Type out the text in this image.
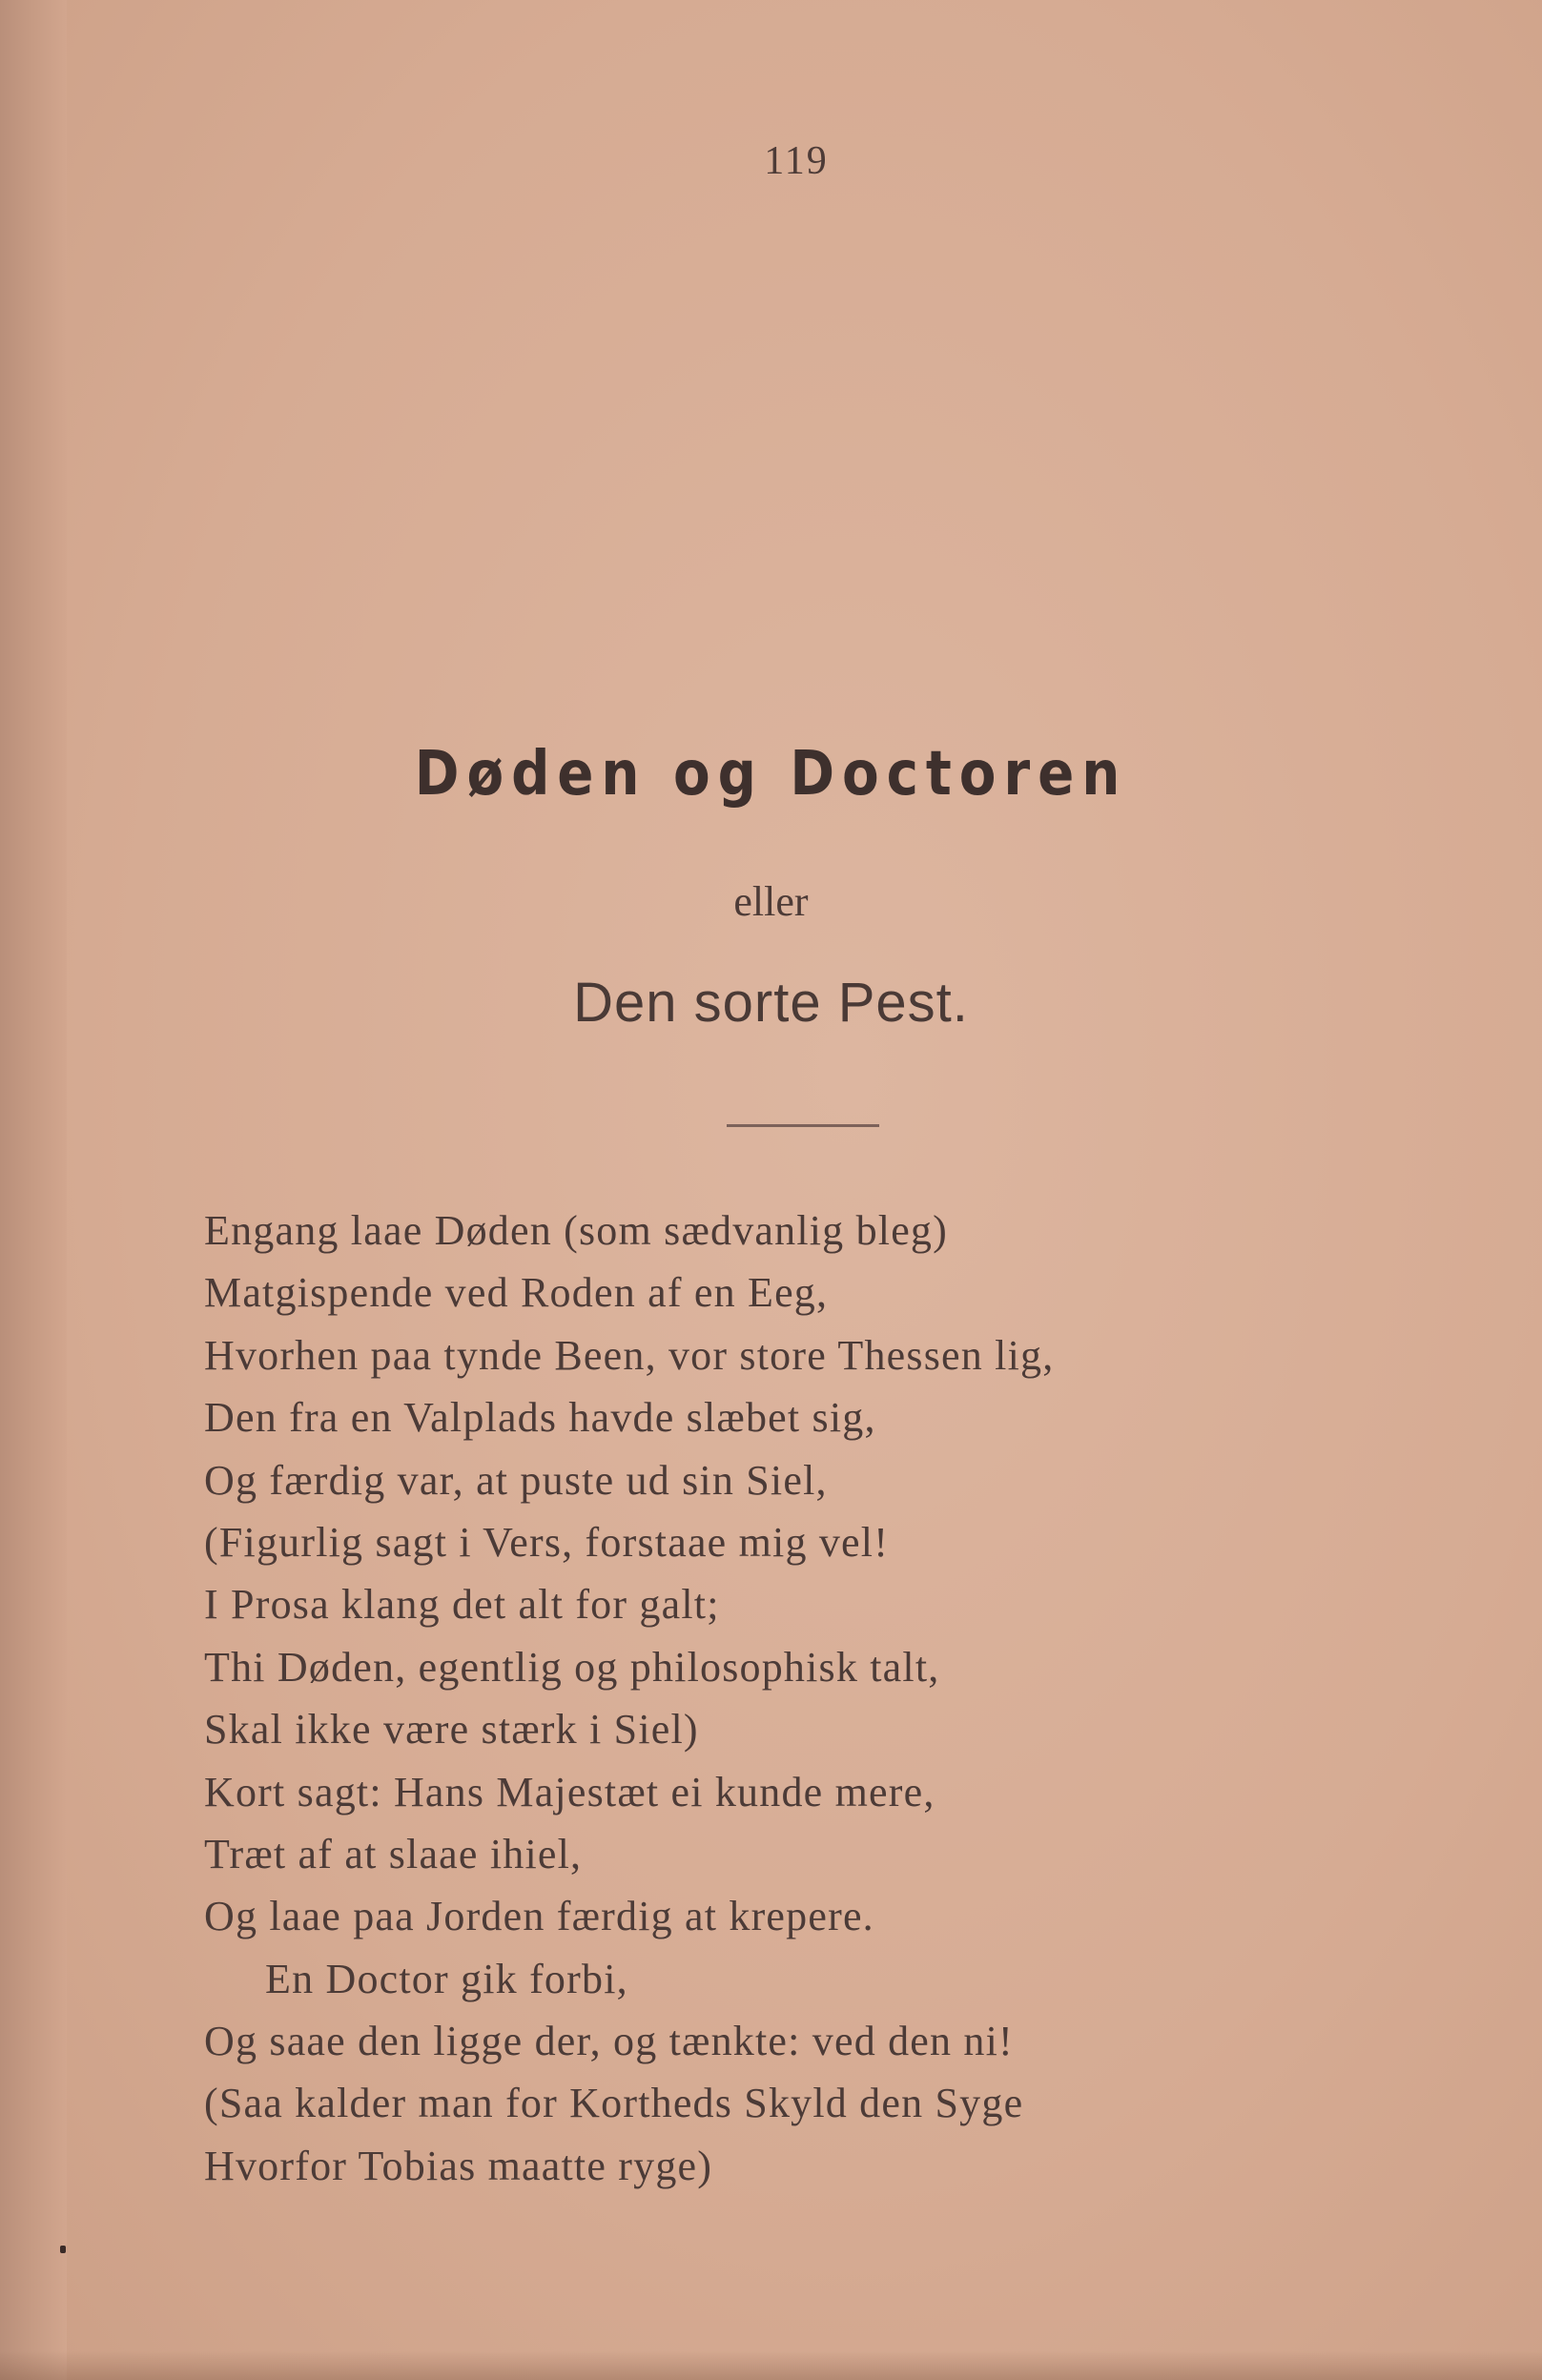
119
Døden og Doctoren
eller
Den sorte Pest.
Engang laae Døden (som sædvanlig bleg)
Matgispende ved Roden af en Eeg,
Hvorhen paa tynde Been, vor store Thessen lig,
Den fra en Valplads havde slæbet sig,
Og færdig var, at puste ud sin Siel,
(Figurlig sagt i Vers, forstaae mig vel!
I Prosa klang det alt for galt;
Thi Døden, egentlig og philosophisk talt,
Skal ikke være stærk i Siel)
Kort sagt: Hans Majestæt ei kunde mere,
Træt af at slaae ihiel,
Og laae paa Jorden færdig at krepere.
En Doctor gik forbi,
Og saae den ligge der, og tænkte: ved den ni!
(Saa kalder man for Kortheds Skyld den Syge
Hvorfor Tobias maatte ryge)
